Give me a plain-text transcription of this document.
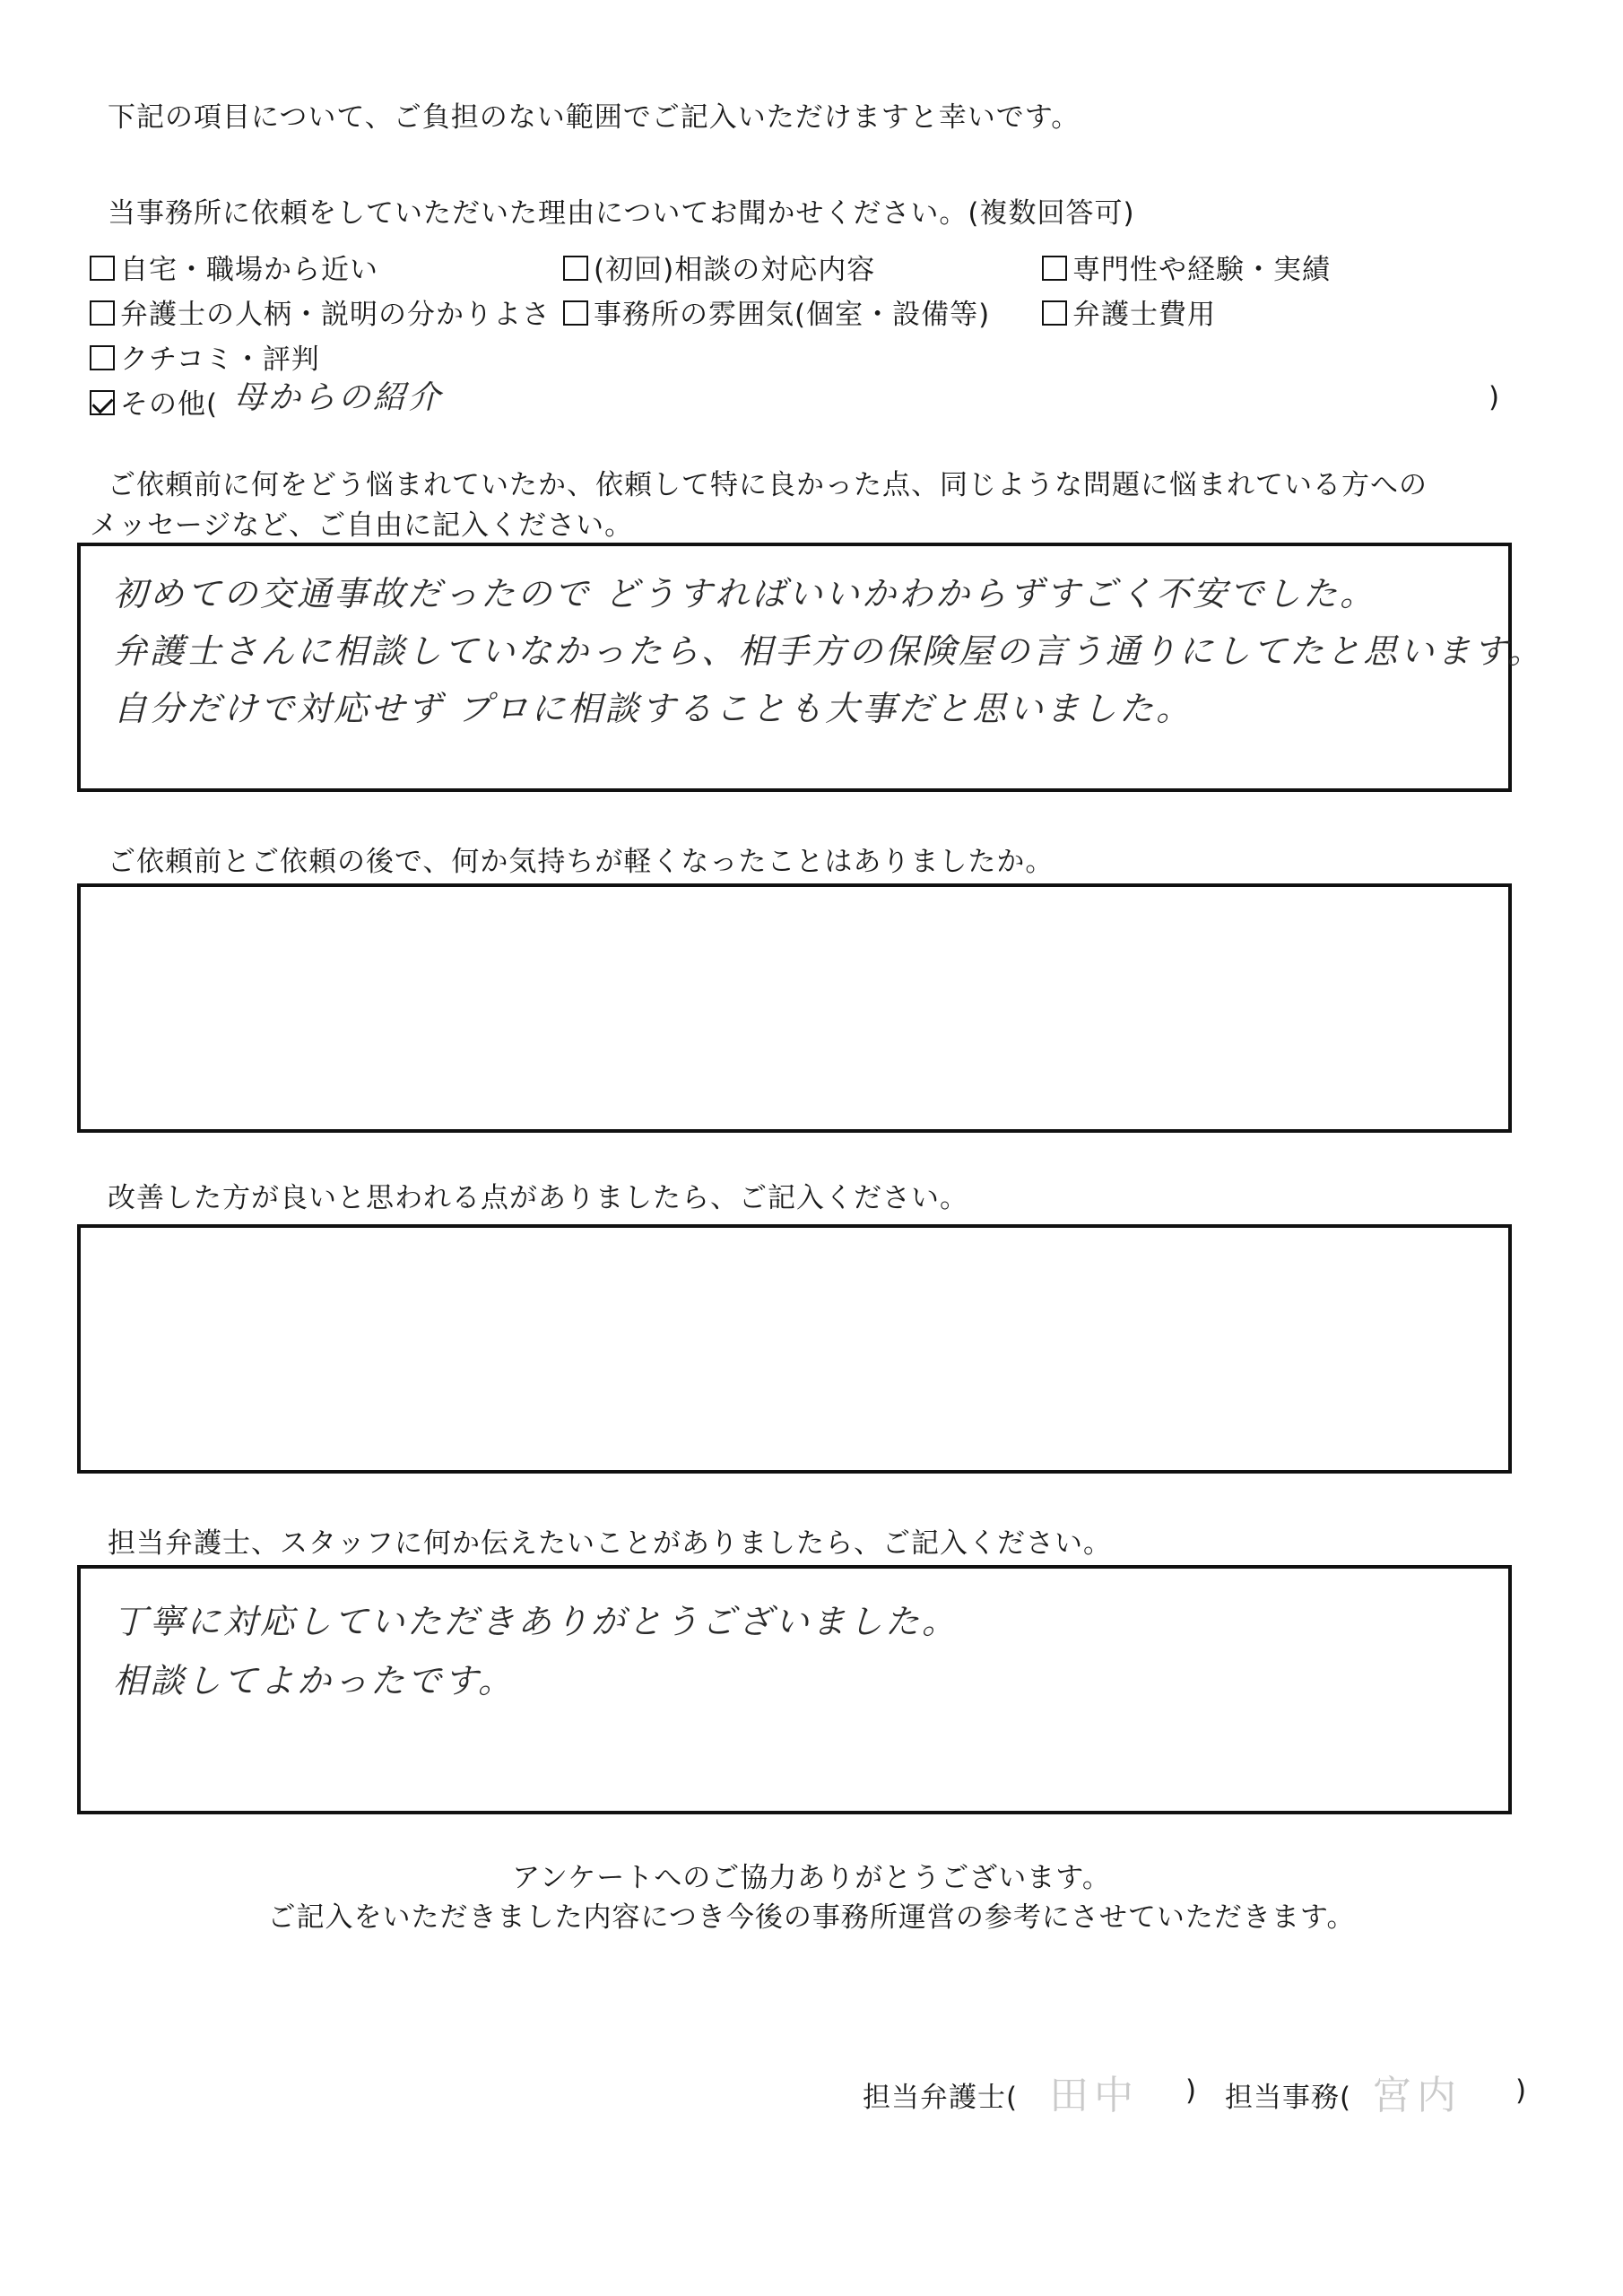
下記の項目について、ご負担のない範囲でご記入いただけますと幸いです。
当事務所に依頼をしていただいた理由についてお聞かせください。(複数回答可)
自宅・職場から近い	(初回)相談の対応内容	専門性や経験・実績
弁護士の人柄・説明の分かりよさ	事務所の雰囲気(個室・設備等)	弁護士費用
クチコミ・評判
その他( 母からの紹介	)
ご依頼前に何をどう悩まれていたか、依頼して特に良かった点、同じような問題に悩まれている方への
メッセージなど、ご自由に記入ください。
初めての交通事故だったので どうすればいいかわからずすごく不安でした。
弁護士さんに相談していなかったら、相手方の保険屋の言う通りにしてたと思います。
自分だけで対応せず プロに相談することも大事だと思いました。
ご依頼前とご依頼の後で、何か気持ちが軽くなったことはありましたか。
改善した方が良いと思われる点がありましたら、ご記入ください。
担当弁護士、スタッフに何か伝えたいことがありましたら、ご記入ください。
丁寧に対応していただきありがとうございました。
相談してよかったです。
アンケートへのご協力ありがとうございます。
ご記入をいただきました内容につき今後の事務所運営の参考にさせていただきます。
担当弁護士( 田中 ) 担当事務( 宮内 )
